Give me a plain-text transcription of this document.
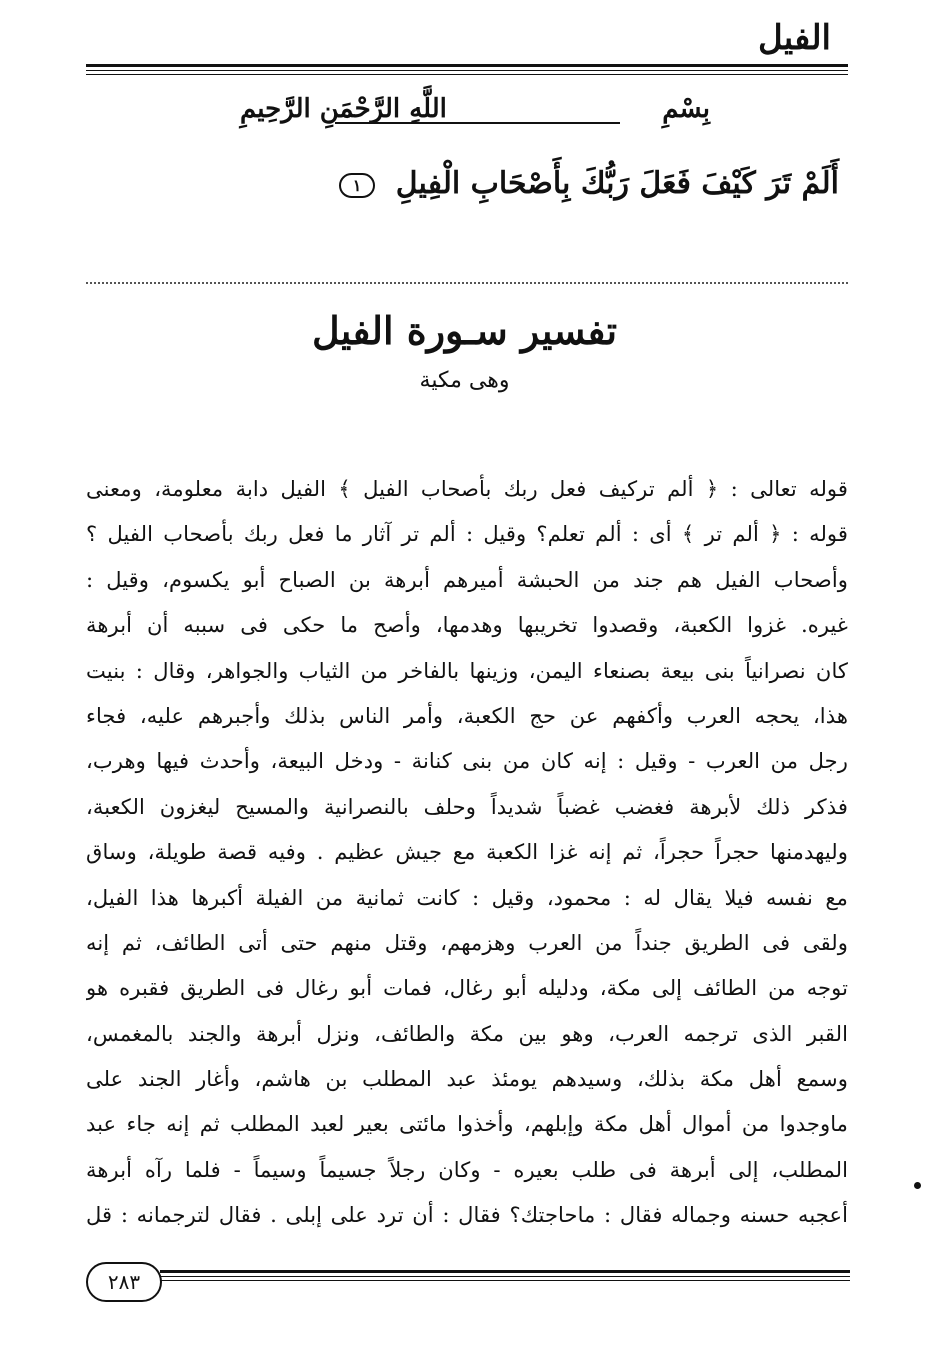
الفيل
بِسْمِ
اللَّهِ الرَّحْمَنِ الرَّحِيمِ
أَلَمْ تَرَ كَيْفَ فَعَلَ رَبُّكَ بِأَصْحَابِ الْفِيلِ ١
تفسير سـورة الفيل
وهى مكية
قوله تعالى : ﴿ ألم تركيف فعل ربك بأصحاب الفيل ﴾ الفيل دابة معلومة، ومعنى
قوله : ﴿ ألم تر ﴾ أى : ألم تعلم؟ وقيل : ألم تر آثار ما فعل ربك بأصحاب الفيل ؟
وأصحاب الفيل هم جند من الحبشة أميرهم أبرهة بن الصباح أبو يكسوم، وقيل :
غيره. غزوا الكعبة، وقصدوا تخريبها وهدمها، وأصح ما حكى فى سببه أن أبرهة
كان نصرانياً بنى بيعة بصنعاء اليمن، وزينها بالفاخر من الثياب والجواهر، وقال : بنيت
هذا، يحجه العرب وأكفهم عن حج الكعبة، وأمر الناس بذلك وأجبرهم عليه، فجاء
رجل من العرب - وقيل : إنه كان من بنى كنانة - ودخل البيعة، وأحدث فيها وهرب،
فذكر ذلك لأبرهة فغضب غضباً شديداً وحلف بالنصرانية والمسيح ليغزون الكعبة،
وليهدمنها حجراً حجراً، ثم إنه غزا الكعبة مع جيش عظيم . وفيه قصة طويلة، وساق
مع نفسه فيلا يقال له : محمود، وقيل : كانت ثمانية من الفيلة أكبرها هذا الفيل،
ولقى فى الطريق جنداً من العرب وهزمهم، وقتل منهم حتى أتى الطائف، ثم إنه
توجه من الطائف إلى مكة، ودليله أبو رغال، فمات أبو رغال فى الطريق فقبره هو
القبر الذى ترجمه العرب، وهو بين مكة والطائف، ونزل أبرهة والجند بالمغمس،
وسمع أهل مكة بذلك، وسيدهم يومئذ عبد المطلب بن هاشم، وأغار الجند على
ماوجدوا من أموال أهل مكة وإبلهم، وأخذوا مائتى بعير لعبد المطلب ثم إنه جاء عبد
المطلب، إلى أبرهة فى طلب بعيره - وكان رجلاً جسيماً وسيماً - فلما رآه أبرهة
أعجبه حسنه وجماله فقال : ماحاجتك؟ فقال : أن ترد على إبلى . فقال لترجمانه : قل
٢٨٣
